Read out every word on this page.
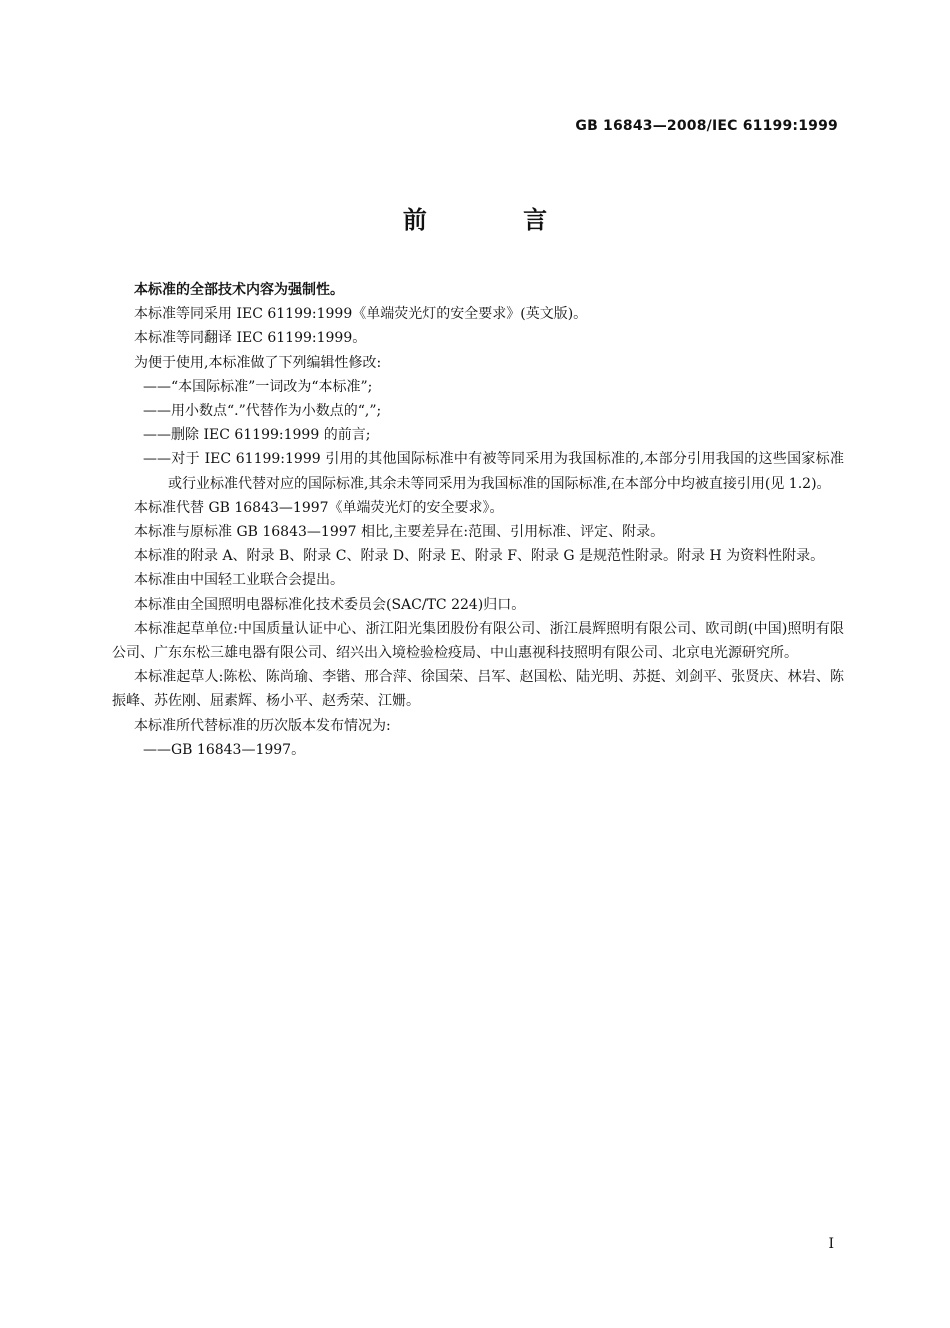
GB 16843—2008/IEC 61199:1999
前 言

本标准的全部技术内容为强制性。

本标准等同采用 IEC 61199:1999《单端荧光灯的安全要求》(英文版)。

本标准等同翻译 IEC 61199:1999。

为便于使用,本标准做了下列编辑性修改:

——“本国际标准”一词改为“本标准”;

——用小数点“.”代替作为小数点的“,”;

——删除 IEC 61199:1999 的前言;

——对于 IEC 61199:1999 引用的其他国际标准中有被等同采用为我国标准的,本部分引用我国的这些国家标准或行业标准代替对应的国际标准,其余未等同采用为我国标准的国际标准,在本部分中均被直接引用(见 1.2)。

本标准代替 GB 16843—1997《单端荧光灯的安全要求》。

本标准与原标准 GB 16843—1997 相比,主要差异在:范围、引用标准、评定、附录。

本标准的附录 A、附录 B、附录 C、附录 D、附录 E、附录 F、附录 G 是规范性附录。附录 H 为资料性附录。

本标准由中国轻工业联合会提出。

本标准由全国照明电器标准化技术委员会(SAC/TC 224)归口。

本标准起草单位:中国质量认证中心、浙江阳光集团股份有限公司、浙江晨辉照明有限公司、欧司朗(中国)照明有限公司、广东东松三雄电器有限公司、绍兴出入境检验检疫局、中山惠视科技照明有限公司、北京电光源研究所。

本标准起草人:陈松、陈尚瑜、李锴、邢合萍、徐国荣、吕军、赵国松、陆光明、苏挺、刘剑平、张贤庆、林岩、陈振峰、苏佐刚、屈素辉、杨小平、赵秀荣、江姗。

本标准所代替标准的历次版本发布情况为:

——GB 16843—1997。

I
